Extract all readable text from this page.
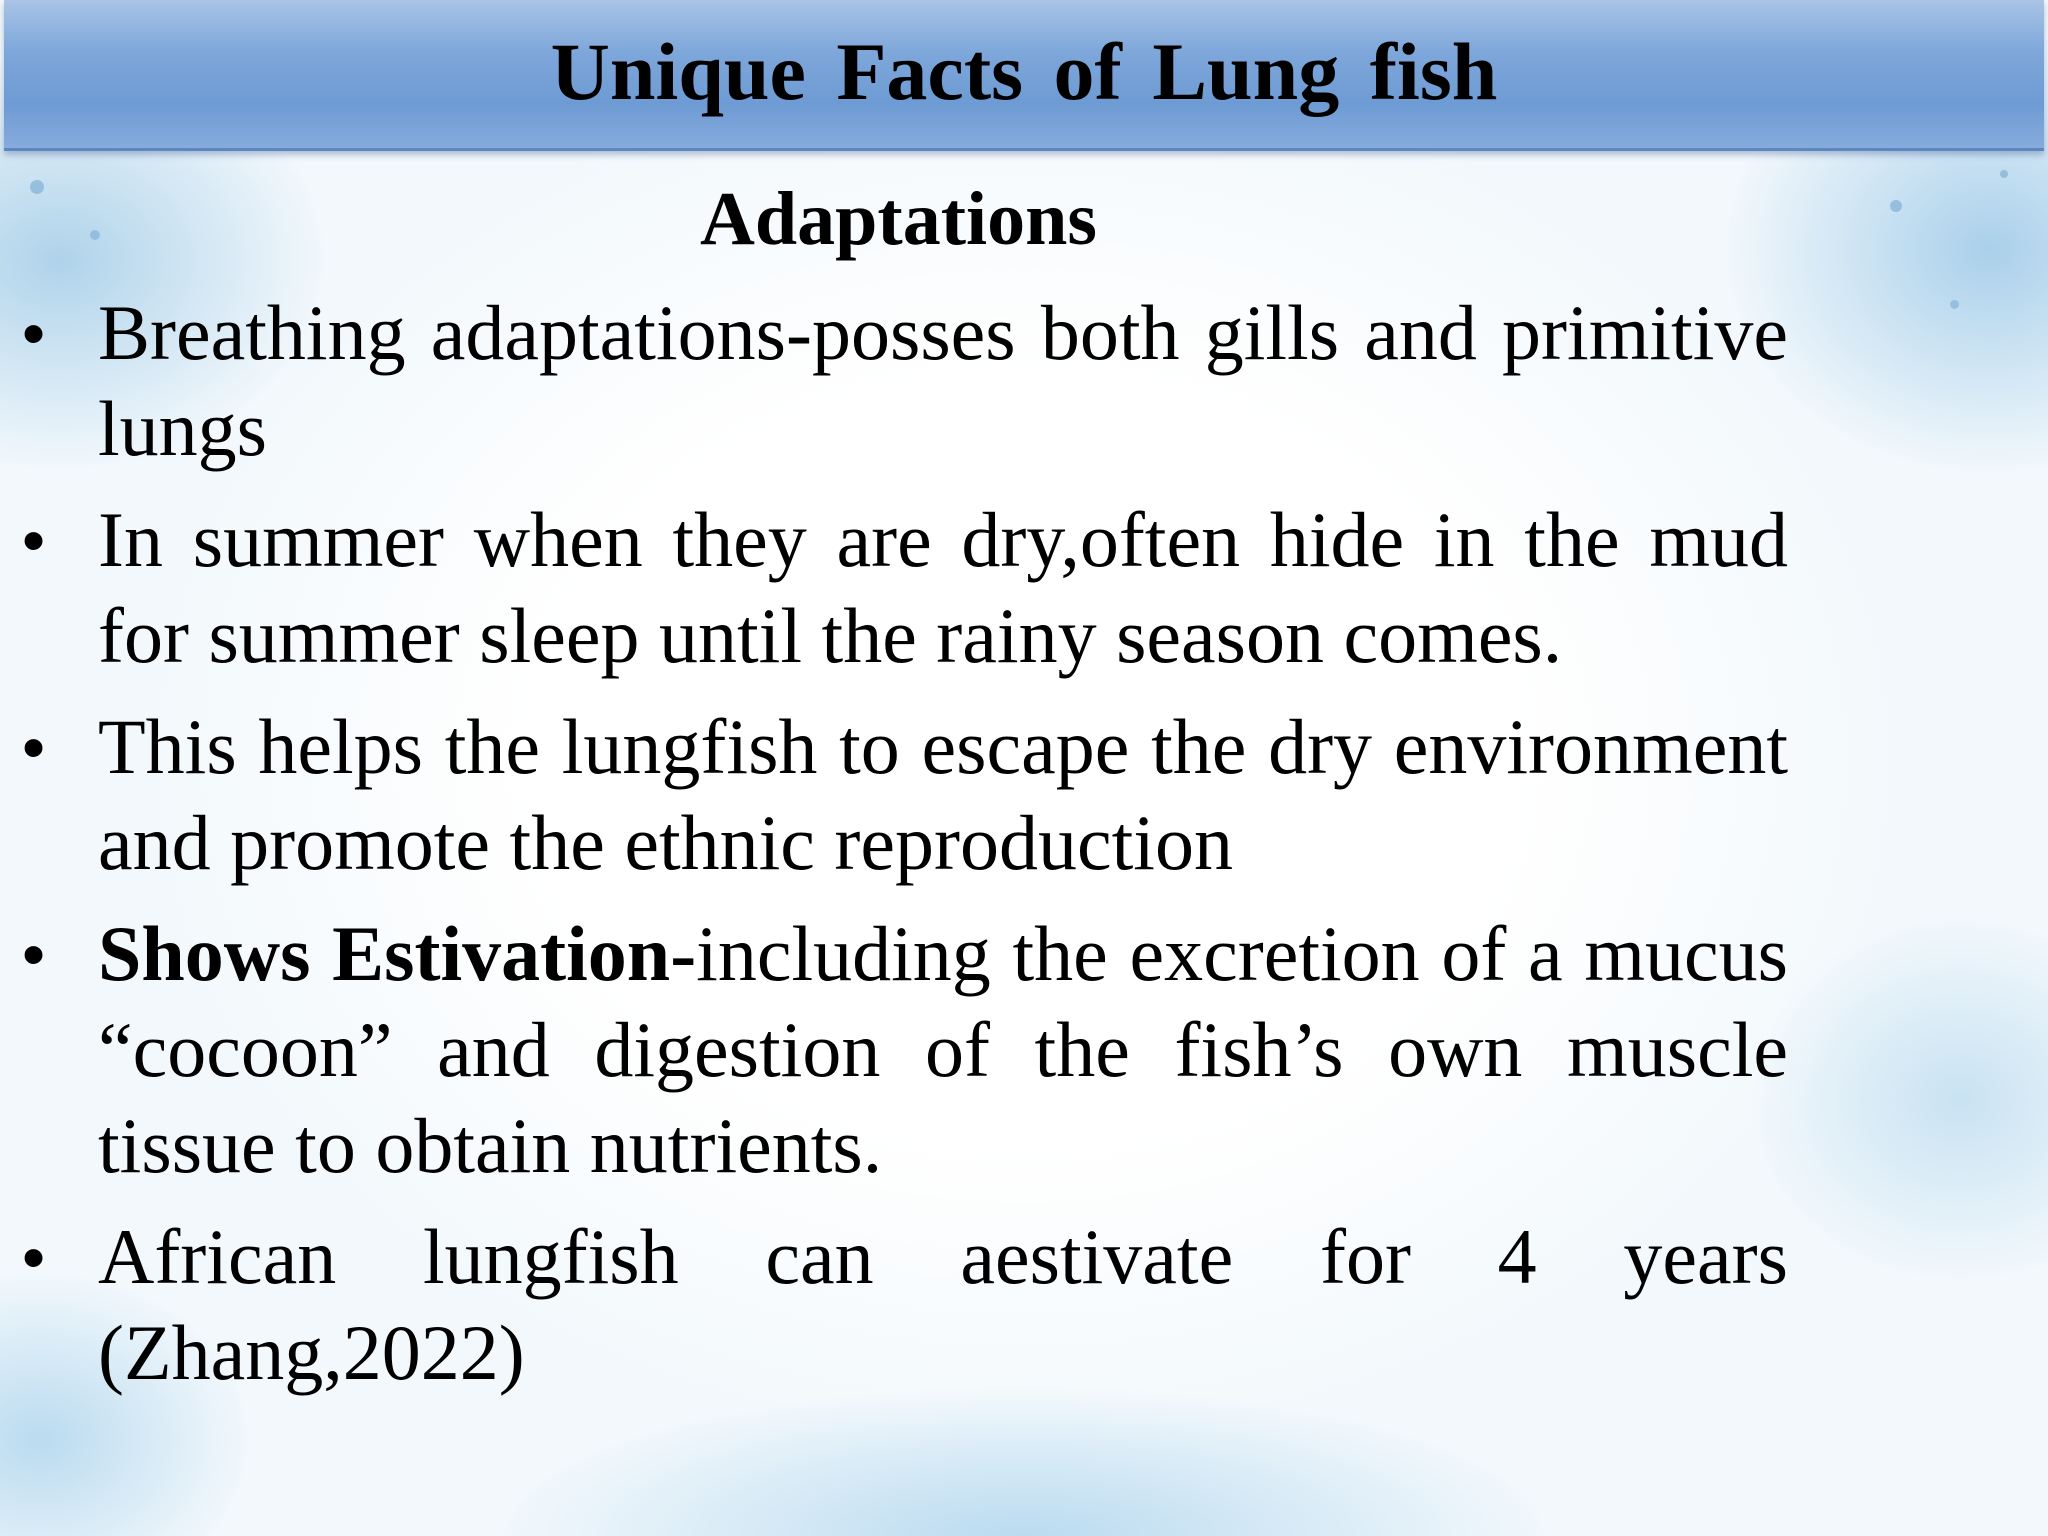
Unique Facts of Lung fish
Adaptations
• Breathing adaptations-posses both gills and primitive lungs
• In summer when they are dry,often hide in the mud for summer sleep until the rainy season comes.
• This helps the lungfish to escape the dry environment and promote the ethnic reproduction
• Shows Estivation-including the excretion of a mucus “cocoon” and digestion of the fish’s own muscle tissue to obtain nutrients.
• African lungfish can aestivate for 4 years (Zhang,2022)
